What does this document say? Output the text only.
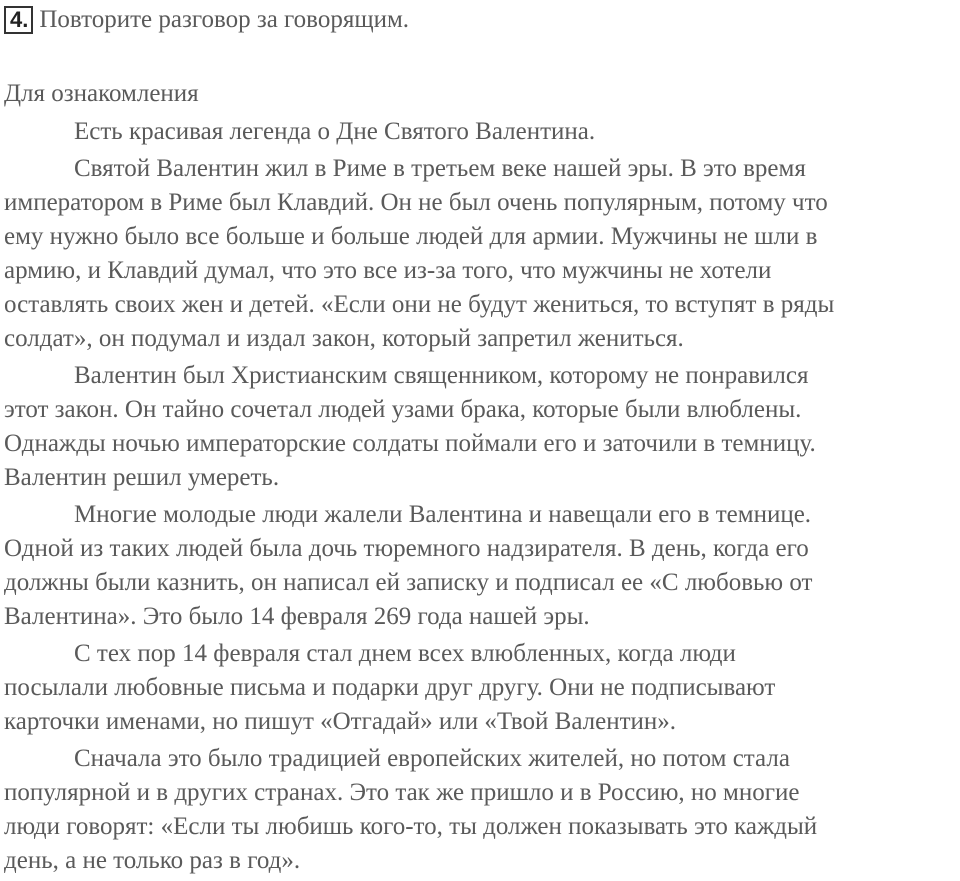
4. Повторите разговор за говорящим.
Для ознакомления
Есть красивая легенда о Дне Святого Валентина.
Святой Валентин жил в Риме в третьем веке нашей эры. В это время
императором в Риме был Клавдий. Он не был очень популярным, потому что
ему нужно было все больше и больше людей для армии. Мужчины не шли в
армию, и Клавдий думал, что это все из-за того, что мужчины не хотели
оставлять своих жен и детей. «Если они не будут жениться, то вступят в ряды
солдат», он подумал и издал закон, который запретил жениться.
Валентин был Христианским священником, которому не понравился
этот закон. Он тайно сочетал людей узами брака, которые были влюблены.
Однажды ночью императорские солдаты поймали его и заточили в темницу.
Валентин решил умереть.
Многие молодые люди жалели Валентина и навещали его в темнице.
Одной из таких людей была дочь тюремного надзирателя. В день, когда его
должны были казнить, он написал ей записку и подписал ее «С любовью от
Валентина». Это было 14 февраля 269 года нашей эры.
С тех пор 14 февраля стал днем всех влюбленных, когда люди
посылали любовные письма и подарки друг другу. Они не подписывают
карточки именами, но пишут «Отгадай» или «Твой Валентин».
Сначала это было традицией европейских жителей, но потом стала
популярной и в других странах. Это так же пришло и в Россию, но многие
люди говорят: «Если ты любишь кого-то, ты должен показывать это каждый
день, а не только раз в год».
